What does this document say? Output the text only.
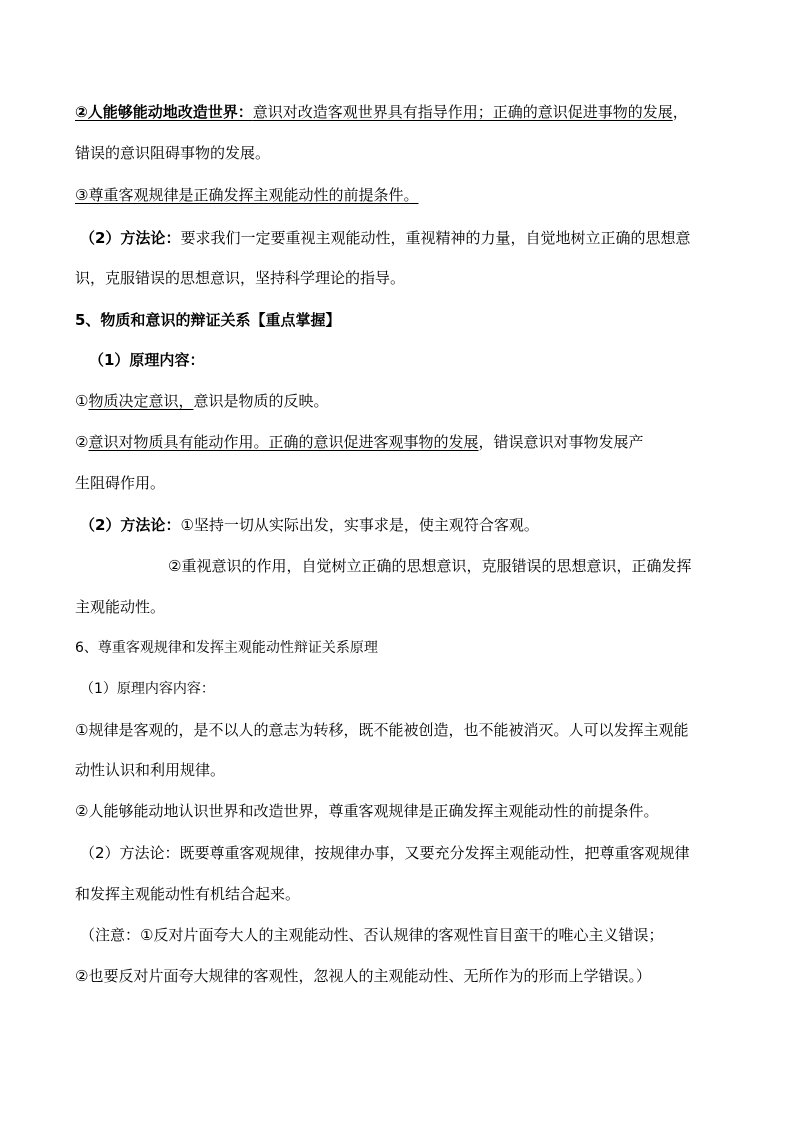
②人能够能动地改造世界：意识对改造客观世界具有指导作用；正确的意识促进事物的发展，
错误的意识阻碍事物的发展。
③尊重客观规律是正确发挥主观能动性的前提条件。
（2）方法论：要求我们一定要重视主观能动性，重视精神的力量，自觉地树立正确的思想意
识，克服错误的思想意识，坚持科学理论的指导。
5、物质和意识的辩证关系【重点掌握】
（1）原理内容：
①物质决定意识，意识是物质的反映。
②意识对物质具有能动作用。正确的意识促进客观事物的发展，错误意识对事物发展产
生阻碍作用。
（2）方法论：①坚持一切从实际出发，实事求是，使主观符合客观。
②重视意识的作用，自觉树立正确的思想意识，克服错误的思想意识，正确发挥
主观能动性。
6、尊重客观规律和发挥主观能动性辩证关系原理
（1）原理内容内容：
①规律是客观的，是不以人的意志为转移，既不能被创造，也不能被消灭。人可以发挥主观能
动性认识和利用规律。
②人能够能动地认识世界和改造世界，尊重客观规律是正确发挥主观能动性的前提条件。
（2）方法论：既要尊重客观规律，按规律办事，又要充分发挥主观能动性，把尊重客观规律
和发挥主观能动性有机结合起来。
（注意：①反对片面夸大人的主观能动性、否认规律的客观性盲目蛮干的唯心主义错误；
②也要反对片面夸大规律的客观性，忽视人的主观能动性、无所作为的形而上学错误。）
